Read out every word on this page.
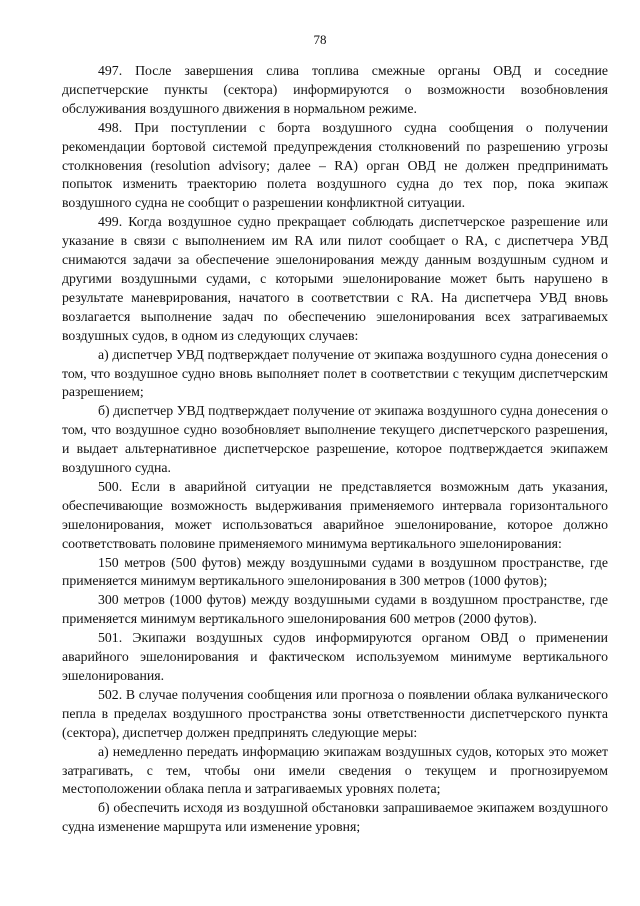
78

497. После завершения слива топлива смежные органы ОВД и соседние диспетчерские пункты (сектора) информируются о возможности возобновления обслуживания воздушного движения в нормальном режиме.

498. При поступлении с борта воздушного судна сообщения о получении рекомендации бортовой системой предупреждения столкновений по разрешению угрозы столкновения (resolution advisory; далее – RA) орган ОВД не должен предпринимать попыток изменить траекторию полета воздушного судна до тех пор, пока экипаж воздушного судна не сообщит о разрешении конфликтной ситуации.

499. Когда воздушное судно прекращает соблюдать диспетчерское разрешение или указание в связи с выполнением им RA или пилот сообщает о RA, с диспетчера УВД снимаются задачи за обеспечение эшелонирования между данным воздушным судном и другими воздушными судами, с которыми эшелонирование может быть нарушено в результате маневрирования, начатого в соответствии с RA. На диспетчера УВД вновь возлагается выполнение задач по обеспечению эшелонирования всех затрагиваемых воздушных судов, в одном из следующих случаев:

а) диспетчер УВД подтверждает получение от экипажа воздушного судна донесения о том, что воздушное судно вновь выполняет полет в соответствии с текущим диспетчерским разрешением;

б) диспетчер УВД подтверждает получение от экипажа воздушного судна донесения о том, что воздушное судно возобновляет выполнение текущего диспетчерского разрешения, и выдает альтернативное диспетчерское разрешение, которое подтверждается экипажем воздушного судна.

500. Если в аварийной ситуации не представляется возможным дать указания, обеспечивающие возможность выдерживания применяемого интервала горизонтального эшелонирования, может использоваться аварийное эшелонирование, которое должно соответствовать половине применяемого минимума вертикального эшелонирования:

150 метров (500 футов) между воздушными судами в воздушном пространстве, где применяется минимум вертикального эшелонирования в 300 метров (1000 футов);

300 метров (1000 футов) между воздушными судами в воздушном пространстве, где применяется минимум вертикального эшелонирования 600 метров (2000 футов).

501. Экипажи воздушных судов информируются органом ОВД о применении аварийного эшелонирования и фактическом используемом минимуме вертикального эшелонирования.

502. В случае получения сообщения или прогноза о появлении облака вулканического пепла в пределах воздушного пространства зоны ответственности диспетчерского пункта (сектора), диспетчер должен предпринять следующие меры:

а) немедленно передать информацию экипажам воздушных судов, которых это может затрагивать, с тем, чтобы они имели сведения о текущем и прогнозируемом местоположении облака пепла и затрагиваемых уровнях полета;

б) обеспечить исходя из воздушной обстановки запрашиваемое экипажем воздушного судна изменение маршрута или изменение уровня;
